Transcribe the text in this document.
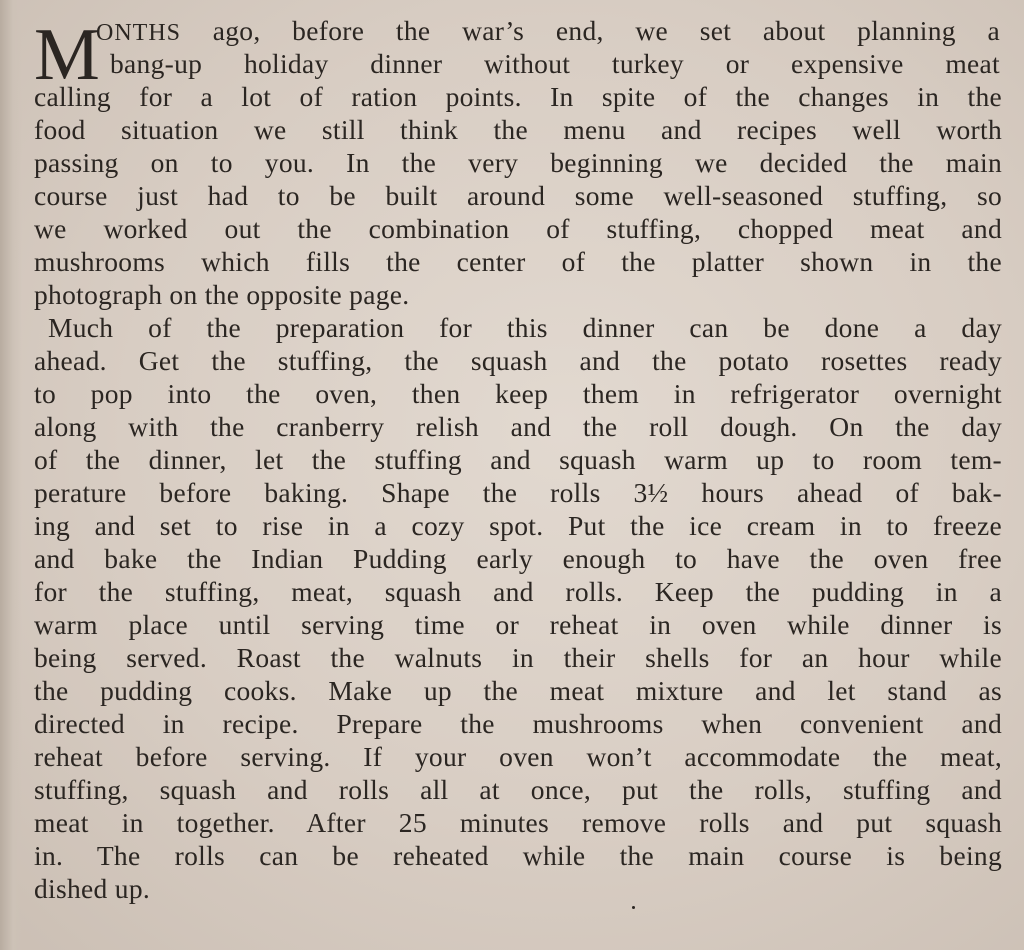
M
ONTHS ago, before the war’s end, we set about planning a
bang-up holiday dinner without turkey or expensive meat
calling for a lot of ration points. In spite of the changes in the
food situation we still think the menu and recipes well worth
passing on to you. In the very beginning we decided the main
course just had to be built around some well-seasoned stuffing, so
we worked out the combination of stuffing, chopped meat and
mushrooms which fills the center of the platter shown in the
photograph on the opposite page.
Much of the preparation for this dinner can be done a day
ahead. Get the stuffing, the squash and the potato rosettes ready
to pop into the oven, then keep them in refrigerator overnight
along with the cranberry relish and the roll dough. On the day
of the dinner, let the stuffing and squash warm up to room tem-
perature before baking. Shape the rolls 3½ hours ahead of bak-
ing and set to rise in a cozy spot. Put the ice cream in to freeze
and bake the Indian Pudding early enough to have the oven free
for the stuffing, meat, squash and rolls. Keep the pudding in a
warm place until serving time or reheat in oven while dinner is
being served. Roast the walnuts in their shells for an hour while
the pudding cooks. Make up the meat mixture and let stand as
directed in recipe. Prepare the mushrooms when convenient and
reheat before serving. If your oven won’t accommodate the meat,
stuffing, squash and rolls all at once, put the rolls, stuffing and
meat in together. After 25 minutes remove rolls and put squash
in. The rolls can be reheated while the main course is being
dished up.
